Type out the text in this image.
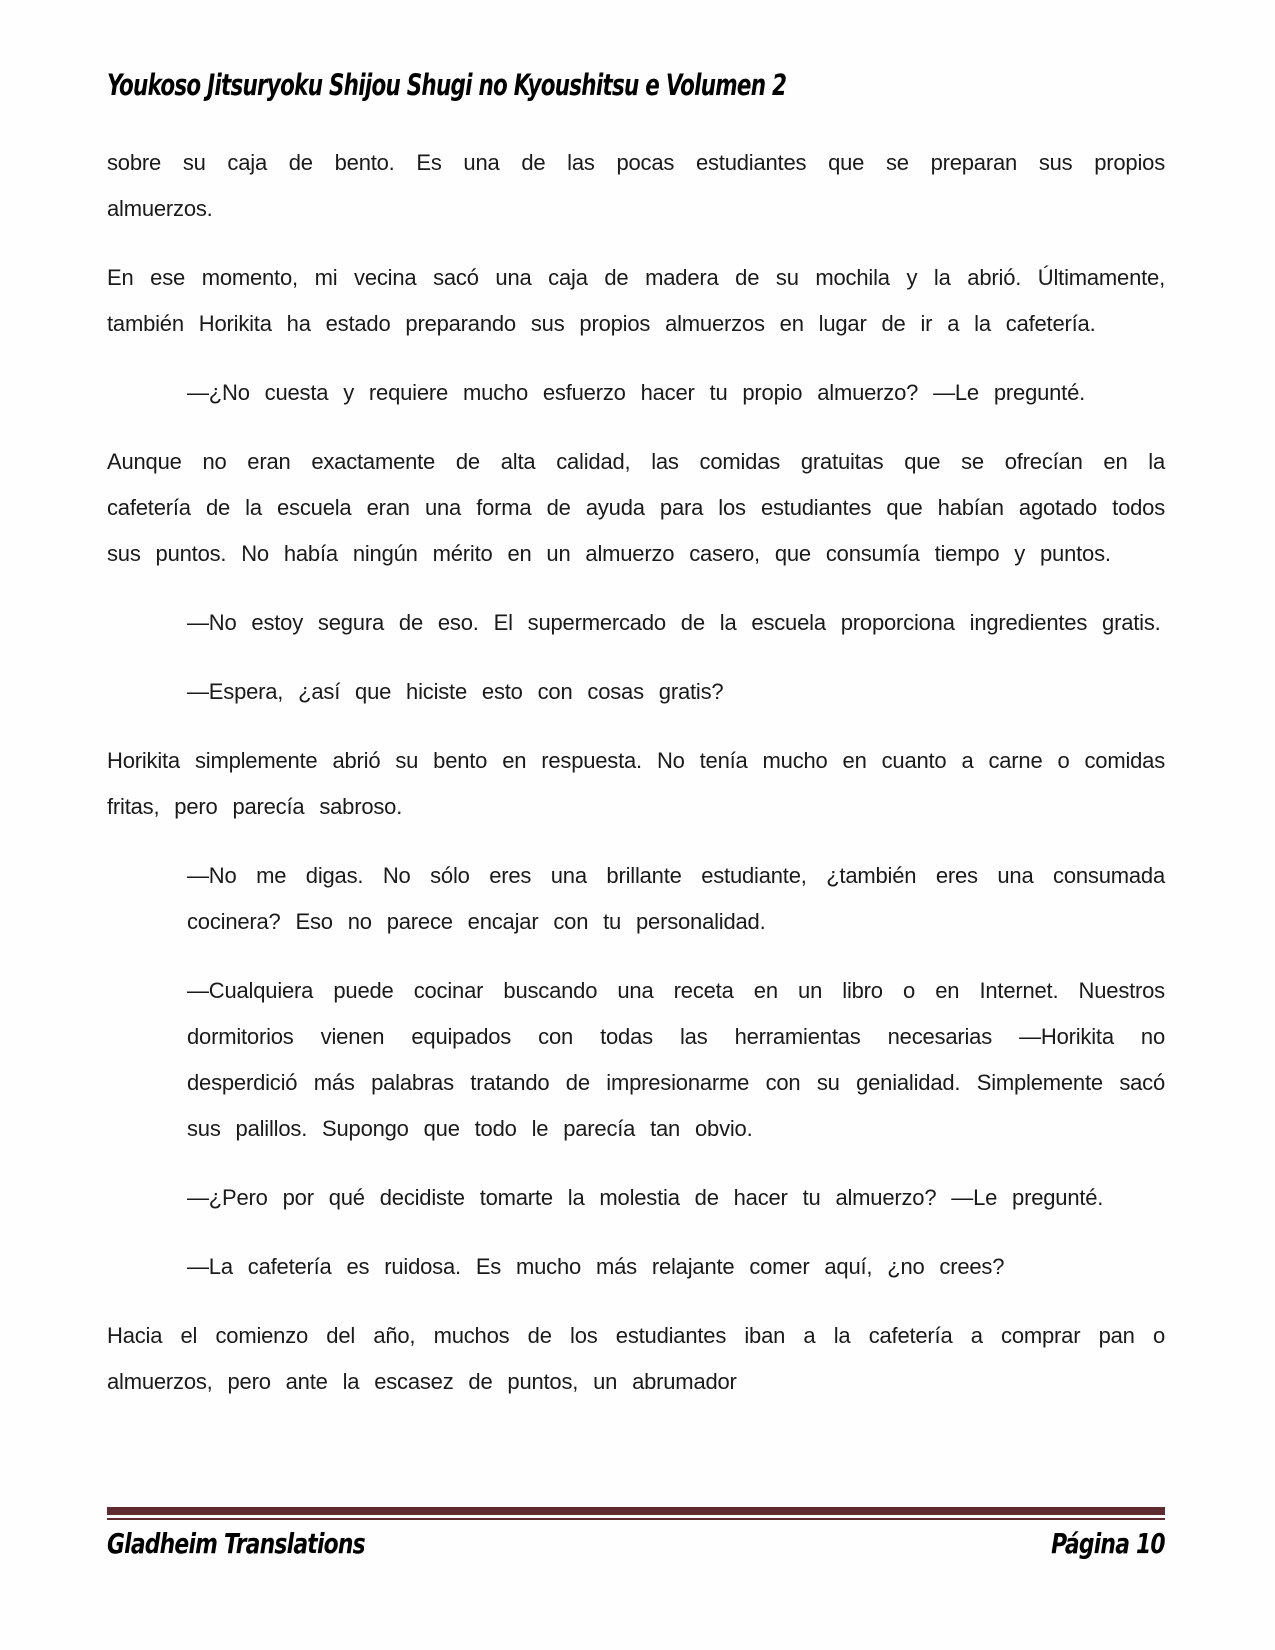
Youkoso Jitsuryoku Shijou Shugi no Kyoushitsu e Volumen 2

sobre su caja de bento. Es una de las pocas estudiantes que se preparan sus propios almuerzos.

En ese momento, mi vecina sacó una caja de madera de su mochila y la abrió. Últimamente, también Horikita ha estado preparando sus propios almuerzos en lugar de ir a la cafetería.

—¿No cuesta y requiere mucho esfuerzo hacer tu propio almuerzo? —Le pregunté.

Aunque no eran exactamente de alta calidad, las comidas gratuitas que se ofrecían en la cafetería de la escuela eran una forma de ayuda para los estudiantes que habían agotado todos sus puntos. No había ningún mérito en un almuerzo casero, que consumía tiempo y puntos.

—No estoy segura de eso. El supermercado de la escuela proporciona ingredientes gratis.

—Espera, ¿así que hiciste esto con cosas gratis?

Horikita simplemente abrió su bento en respuesta. No tenía mucho en cuanto a carne o comidas fritas, pero parecía sabroso.

—No me digas. No sólo eres una brillante estudiante, ¿también eres una consumada cocinera? Eso no parece encajar con tu personalidad.

—Cualquiera puede cocinar buscando una receta en un libro o en Internet. Nuestros dormitorios vienen equipados con todas las herramientas necesarias —Horikita no desperdició más palabras tratando de impresionarme con su genialidad. Simplemente sacó sus palillos. Supongo que todo le parecía tan obvio.

—¿Pero por qué decidiste tomarte la molestia de hacer tu almuerzo? —Le pregunté.

—La cafetería es ruidosa. Es mucho más relajante comer aquí, ¿no crees?

Hacia el comienzo del año, muchos de los estudiantes iban a la cafetería a comprar pan o almuerzos, pero ante la escasez de puntos, un abrumador

Gladheim Translations	Página 10
